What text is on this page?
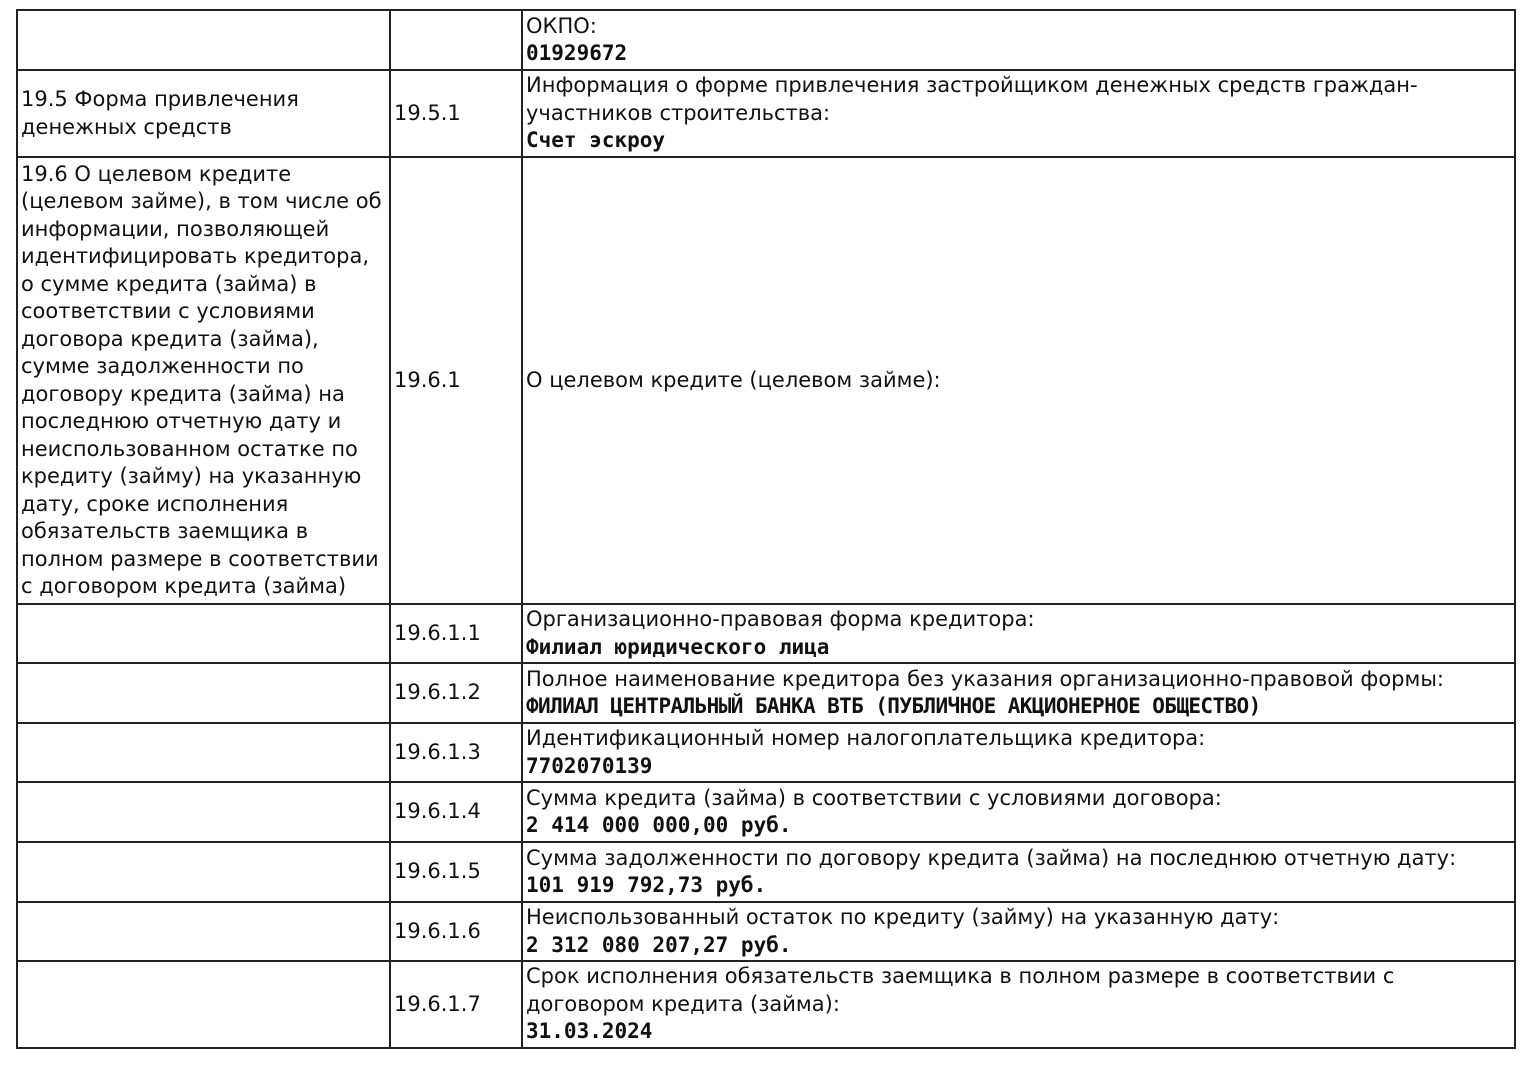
		ОКПО:
01929672

19.5 Форма привлечения денежных средств	19.5.1	Информация о форме привлечения застройщиком денежных средств граждан-участников строительства:
Счет эскроу

19.6 О целевом кредите (целевом займе), в том числе об информации, позволяющей идентифицировать кредитора, о сумме кредита (займа) в соответствии с условиями договора кредита (займа), сумме задолженности по договору кредита (займа) на последнюю отчетную дату и неиспользованном остатке по кредиту (займу) на указанную дату, сроке исполнения обязательств заемщика в полном размере в соответствии с договором кредита (займа)	19.6.1	О целевом кредите (целевом займе):

	19.6.1.1	Организационно-правовая форма кредитора:
Филиал юридического лица

	19.6.1.2	Полное наименование кредитора без указания организационно-правовой формы:
ФИЛИАЛ ЦЕНТРАЛЬНЫЙ БАНКА ВТБ (ПУБЛИЧНОЕ АКЦИОНЕРНОЕ ОБЩЕСТВО)

	19.6.1.3	Идентификационный номер налогоплательщика кредитора:
7702070139

	19.6.1.4	Сумма кредита (займа) в соответствии с условиями договора:
2 414 000 000,00 руб.

	19.6.1.5	Сумма задолженности по договору кредита (займа) на последнюю отчетную дату:
101 919 792,73 руб.

	19.6.1.6	Неиспользованный остаток по кредиту (займу) на указанную дату:
2 312 080 207,27 руб.

	19.6.1.7	Срок исполнения обязательств заемщика в полном размере в соответствии с договором кредита (займа):
31.03.2024
